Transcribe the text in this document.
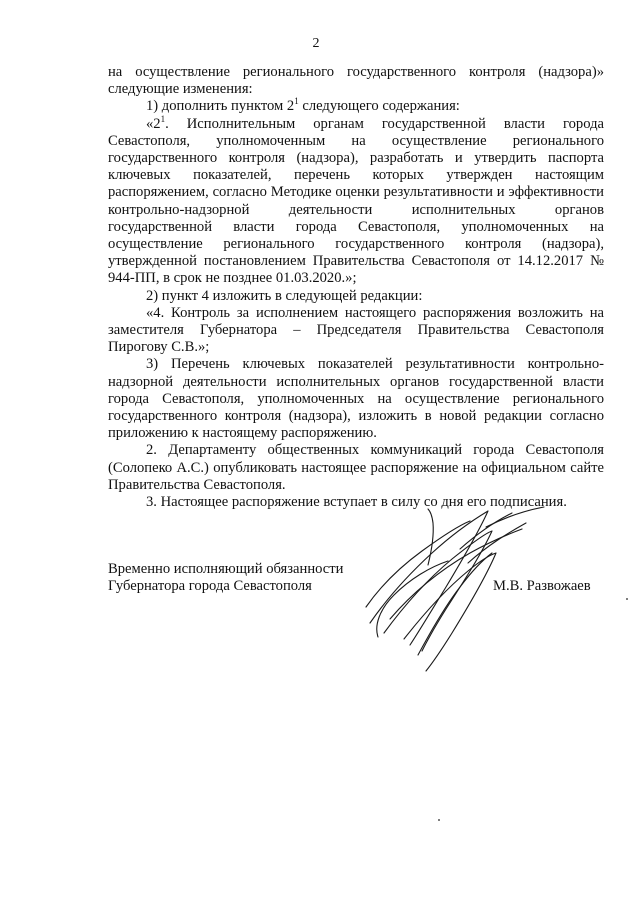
2

на осуществление регионального государственного контроля (надзора)» следующие изменения:

1) дополнить пунктом $2^1$ следующего содержания:

«$2^1$. Исполнительным органам государственной власти города Севастополя, уполномоченным на осуществление регионального государственного контроля (надзора), разработать и утвердить паспорта ключевых показателей, перечень которых утвержден настоящим распоряжением, согласно Методике оценки результативности и эффективности контрольно-надзорной деятельности исполнительных органов государственной власти города Севастополя, уполномоченных на осуществление регионального государственного контроля (надзора), утвержденной постановлением Правительства Севастополя от 14.12.2017 № 944-ПП, в срок не позднее 01.03.2020.»;

2) пункт 4 изложить в следующей редакции:

«4. Контроль за исполнением настоящего распоряжения возложить на заместителя Губернатора – Председателя Правительства Севастополя Пирогову С.В.»;

3) Перечень ключевых показателей результативности контрольно-надзорной деятельности исполнительных органов государственной власти города Севастополя, уполномоченных на осуществление регионального государственного контроля (надзора), изложить в новой редакции согласно приложению к настоящему распоряжению.

2. Департаменту общественных коммуникаций города Севастополя (Солопеко А.С.) опубликовать настоящее распоряжение на официальном сайте Правительства Севастополя.

3. Настоящее распоряжение вступает в силу со дня его подписания.

Временно исполняющий обязанности
Губернатора города Севастополя	М.В. Развожаев
